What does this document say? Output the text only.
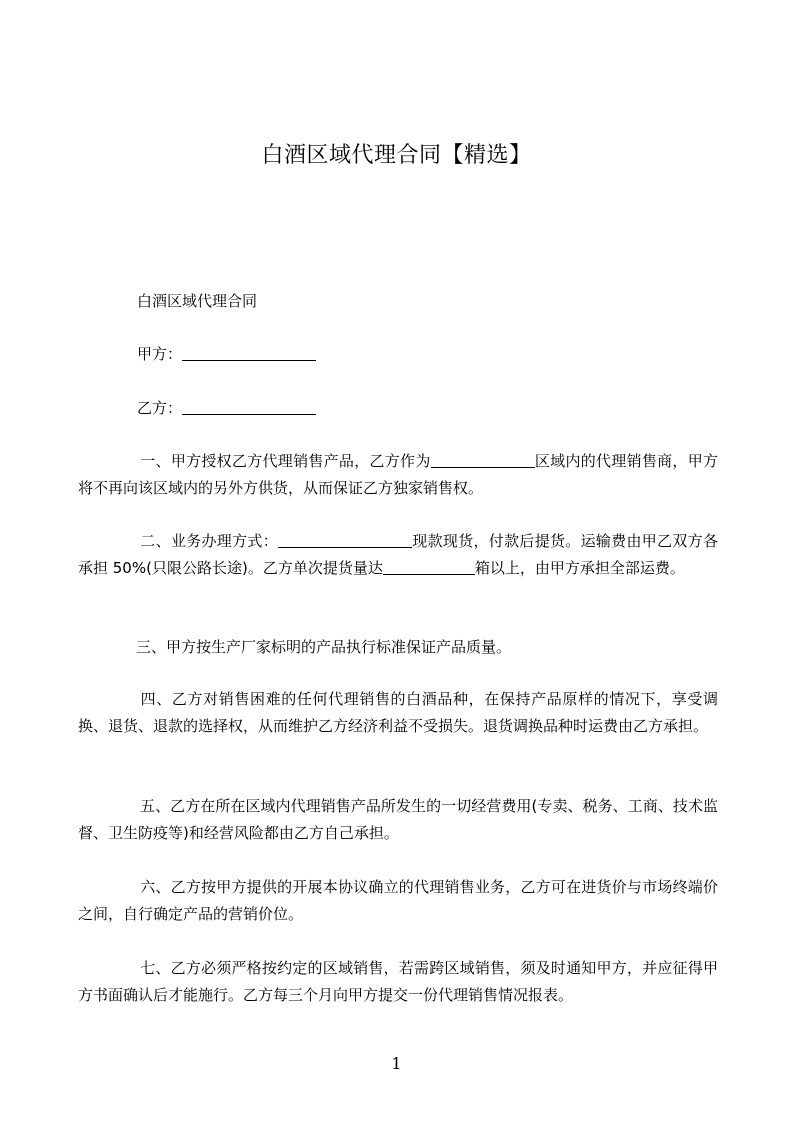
白酒区域代理合同【精选】
白酒区域代理合同
甲方：
乙方：
一、甲方授权乙方代理销售产品，乙方作为	区域内的代理销售商，甲方将不再向该区域内的另外方供货，从而保证乙方独家销售权。
二、业务办理方式：	现款现货，付款后提货。运输费由甲乙双方各承担 50%(只限公路长途)。乙方单次提货量达	箱以上，由甲方承担全部运费。
三、甲方按生产厂家标明的产品执行标准保证产品质量。
四、乙方对销售困难的任何代理销售的白酒品种，在保持产品原样的情况下，享受调换、退货、退款的选择权，从而维护乙方经济利益不受损失。退货调换品种时运费由乙方承担。
五、乙方在所在区域内代理销售产品所发生的一切经营费用(专卖、税务、工商、技术监督、卫生防疫等)和经营风险都由乙方自己承担。
六、乙方按甲方提供的开展本协议确立的代理销售业务，乙方可在进货价与市场终端价之间，自行确定产品的营销价位。
七、乙方必须严格按约定的区域销售，若需跨区域销售，须及时通知甲方，并应征得甲方书面确认后才能施行。乙方每三个月向甲方提交一份代理销售情况报表。
1
